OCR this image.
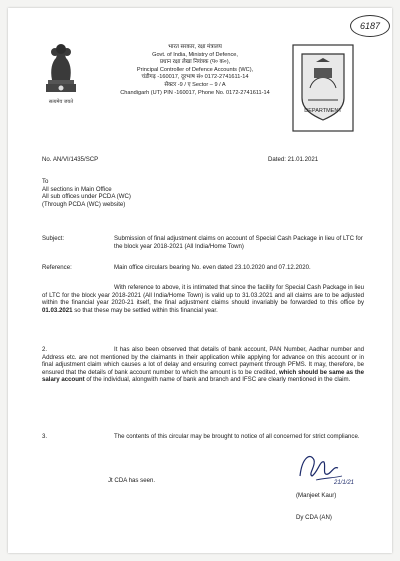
6187
सत्यमेव जयते
भारत सरकार, रक्षा मंत्रालय
Govt. of India, Ministry of Defence,
प्रधान रक्षा लेखा नियंत्रक (प० क०),
Principal Controller of Defence Accounts (WC),
चंडीगढ़ -160017, दूरभाष सं० 0172-2741611-14
सेक्टर -9 / ए Sector – 9 / A
Chandigarh (UT) PIN -160017, Phone No. 0172-2741611-14
DEPARTMENT
No. AN/VI/1435/SCP	Dated: 21.01.2021
To
All sections in Main Office
All sub offices under PCDA (WC)
(Through PCDA (WC) website)
Subject:	Submission of final adjustment claims on account of Special Cash Package in lieu of LTC for the block year 2018-2021 (All India/Home Town)
Reference:	Main office circulars bearing No. even dated 23.10.2020 and 07.12.2020.
With reference to above, it is intimated that since the facility for Special Cash Package in lieu of LTC for the block year 2018-2021 (All India/Home Town) is valid up to 31.03.2021 and all claims are to be adjusted within the financial year 2020-21 itself, the final adjustment claims should invariably be forwarded to this office by 01.03.2021 so that these may be settled within this financial year.
2.	It has also been observed that details of bank account, PAN Number, Aadhar number and Address etc. are not mentioned by the claimants in their application while applying for advance on this account or in final adjustment claim which causes a lot of delay and ensuring correct payment through PFMS. It may, therefore, be ensured that the details of bank account number to which the amount is to be credited, which should be same as the salary account of the individual, alongwith name of bank and branch and IFSC are clearly mentioned in the claim.
3.	The contents of this circular may be brought to notice of all concerned for strict compliance.
Jt CDA has seen.	21/1/21
(Manjeet Kaur)
Dy CDA (AN)
